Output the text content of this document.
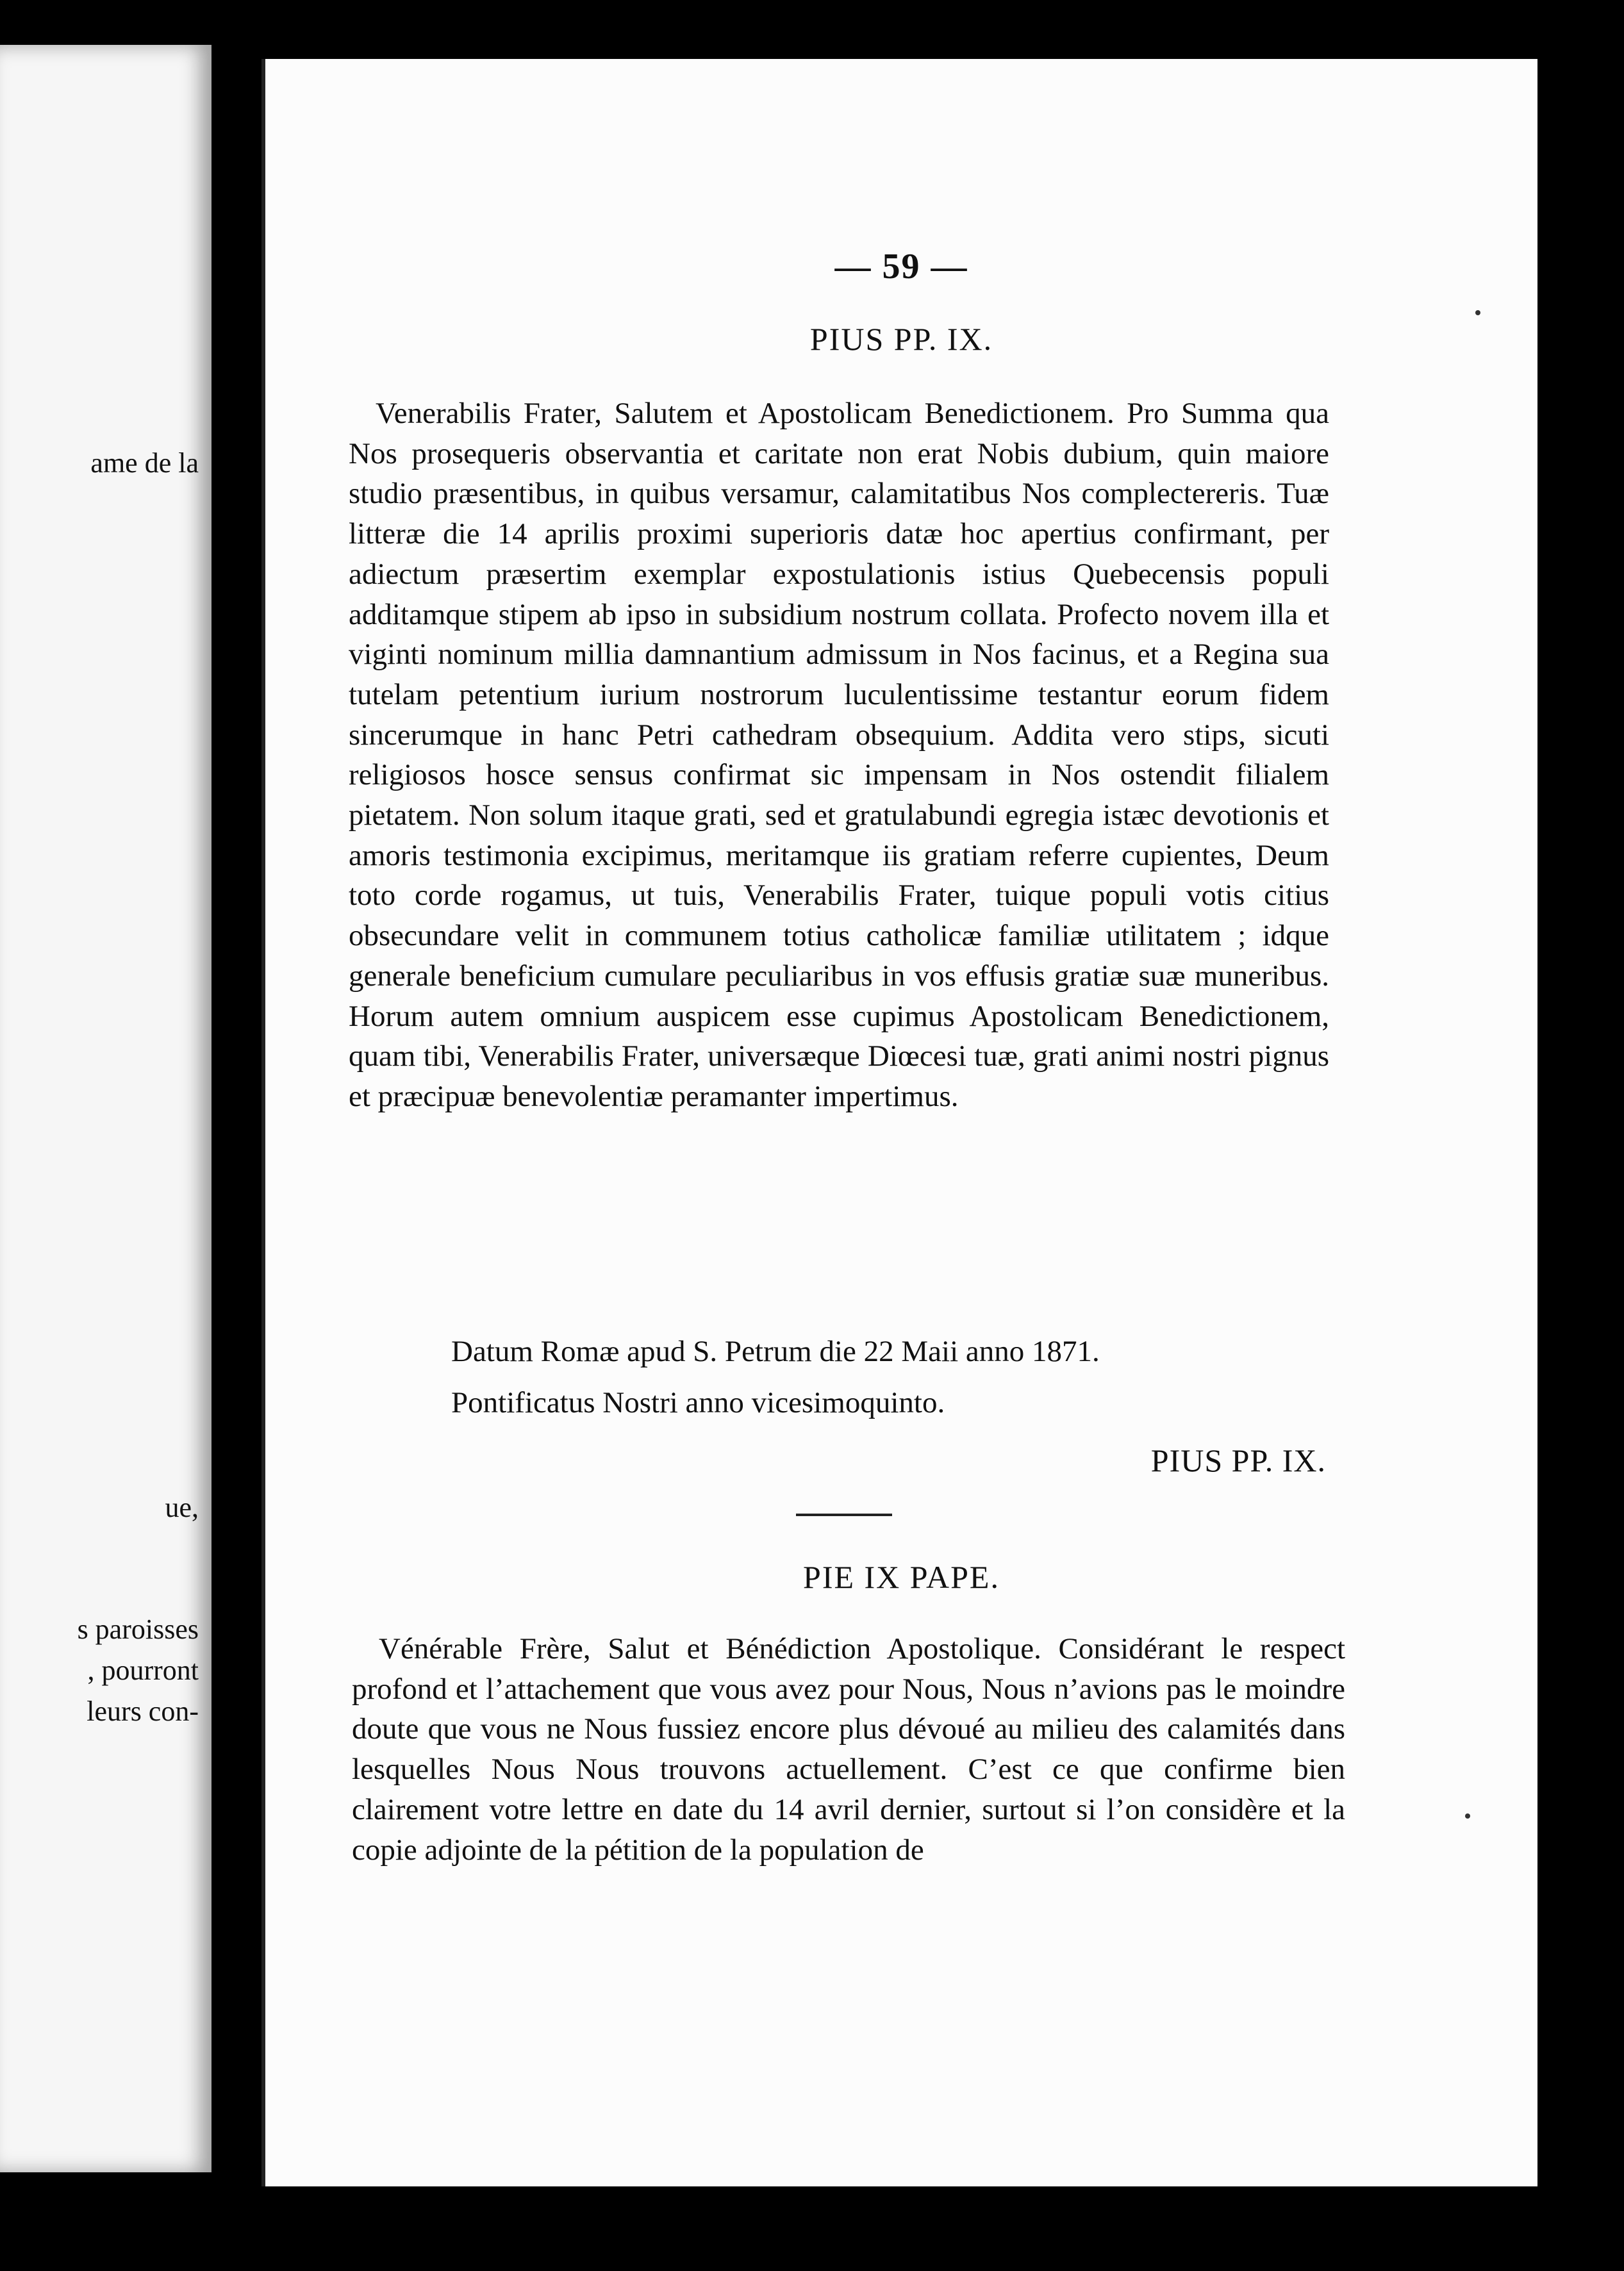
ame de la
ue,
s paroisses
, pourront
leurs con-
— 59 —
PIUS PP. IX.

Venerabilis Frater, Salutem et Apostolicam Benedictionem. Pro Summa qua Nos prosequeris observantia et caritate non erat Nobis dubium, quin maiore studio præsentibus, in quibus versamur, calamitatibus Nos complectereris. Tuæ litteræ die 14 aprilis proximi superioris datæ hoc apertius confirmant, per adiectum præsertim exemplar expostulationis istius Quebecensis populi additamque stipem ab ipso in subsidium nostrum collata. Profecto novem illa et viginti nominum millia damnantium admissum in Nos facinus, et a Regina sua tutelam petentium iurium nostrorum luculentissime testantur eorum fidem sincerumque in hanc Petri cathedram obsequium. Addita vero stips, sicuti religiosos hosce sensus confirmat sic impensam in Nos ostendit filialem pietatem. Non solum itaque grati, sed et gratulabundi egregia istæc devotionis et amoris testimonia excipimus, meritamque iis gratiam referre cupientes, Deum toto corde rogamus, ut tuis, Venerabilis Frater, tuique populi votis citius obsecundare velit in communem totius catholicæ familiæ utilitatem ; idque generale beneficium cumulare peculiaribus in vos effusis gratiæ suæ muneribus. Horum autem omnium auspicem esse cupimus Apostolicam Benedictionem, quam tibi, Venerabilis Frater, universæque Diœcesi tuæ, grati animi nostri pignus et præcipuæ benevolentiæ peramanter impertimus.

Datum Romæ apud S. Petrum die 22 Maii anno 1871.
Pontificatus Nostri anno vicesimoquinto.
PIUS PP. IX.
PIE IX PAPE.

Vénérable Frère, Salut et Bénédiction Apostolique. Considérant le respect profond et l’attachement que vous avez pour Nous, Nous n’avions pas le moindre doute que vous ne Nous fussiez encore plus dévoué au milieu des calamités dans lesquelles Nous Nous trouvons actuellement. C’est ce que confirme bien clairement votre lettre en date du 14 avril dernier, surtout si l’on considère et la copie adjointe de la pétition de la population de
